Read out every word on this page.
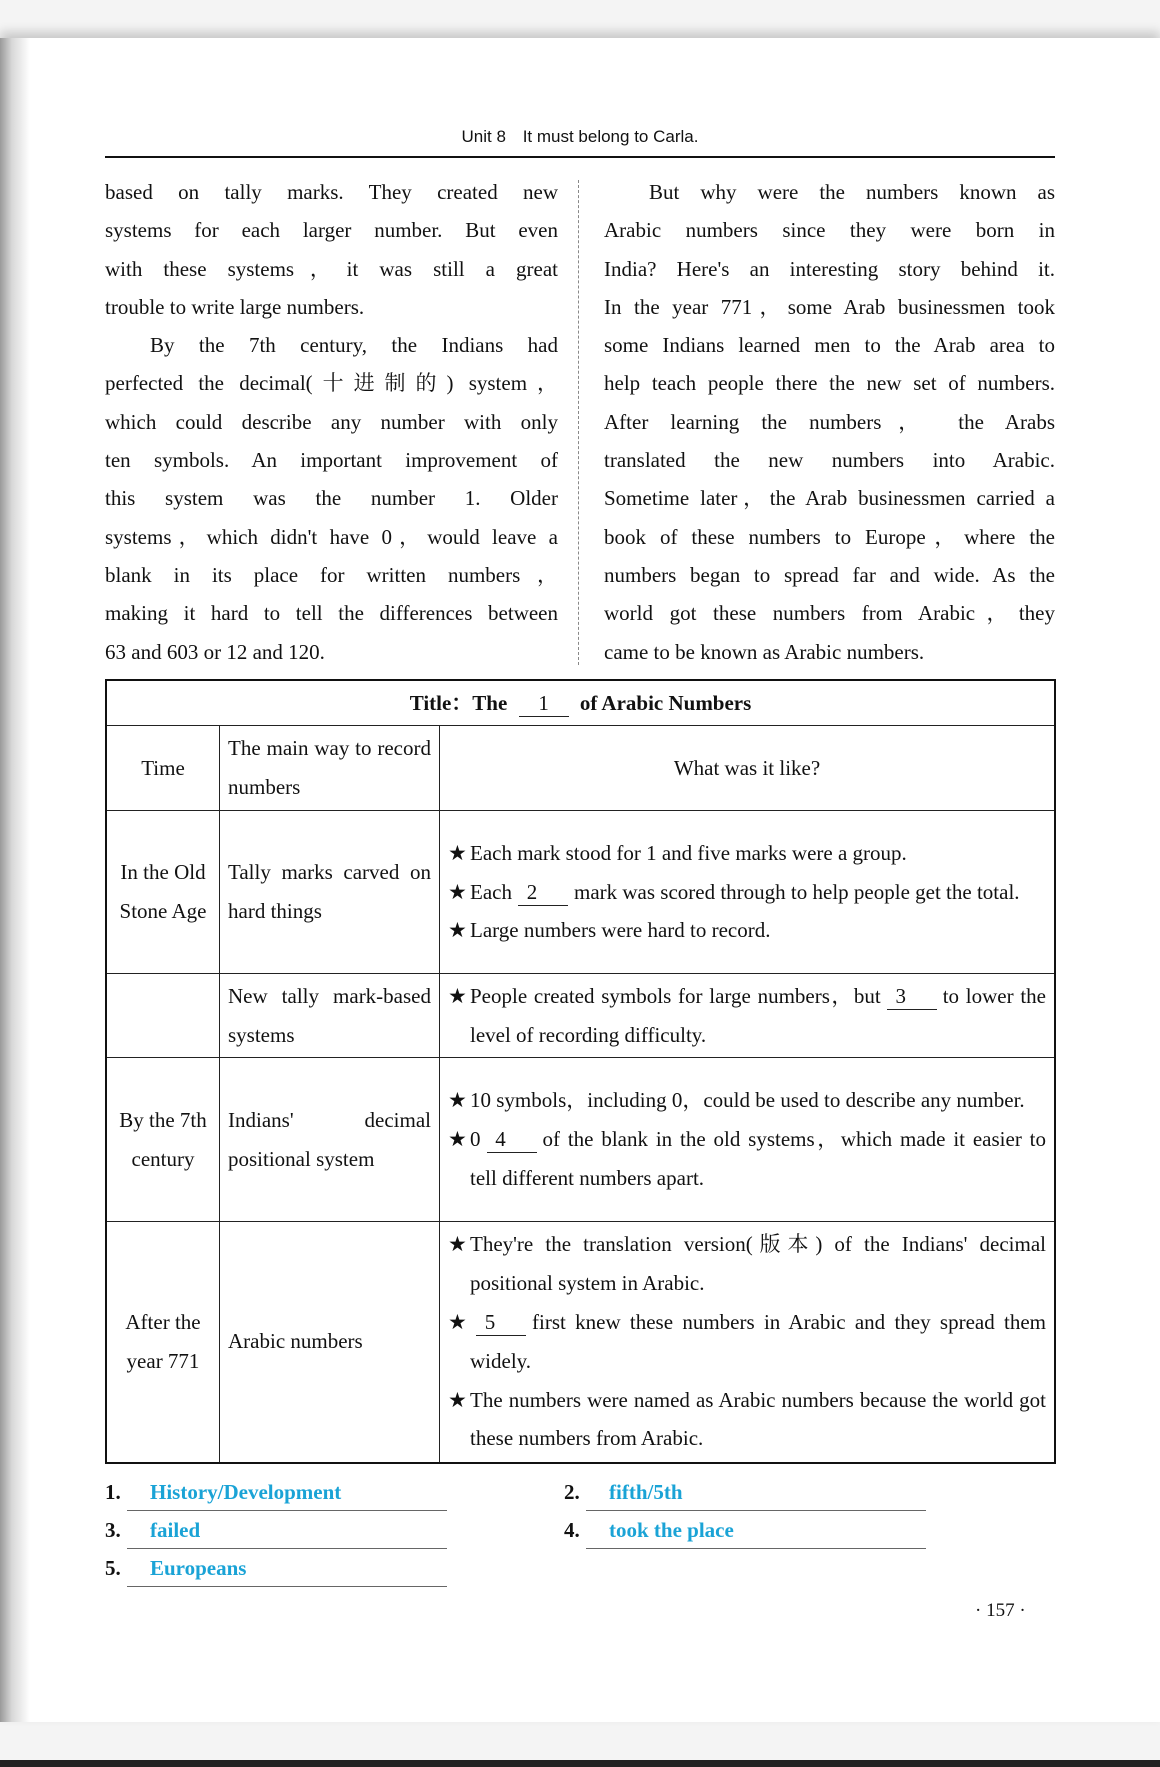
Unit 8 It must belong to Carla.
based on tally marks. They created new
systems for each larger number. But even
with these systems，it was still a great
trouble to write large numbers.
By the 7th century, the Indians had
perfected the decimal(十进制的) system，
which could describe any number with only
ten symbols. An important improvement of
this system was the number 1. Older
systems，which didn't have 0，would leave a
blank in its place for written numbers，
making it hard to tell the differences between
63 and 603 or 12 and 120.
But why were the numbers known as
Arabic numbers since they were born in
India? Here's an interesting story behind it.
In the year 771，some Arab businessmen took
some Indians learned men to the Arab area to
help teach people there the new set of numbers.
After learning the numbers， the Arabs
translated the new numbers into Arabic.
Sometime later，the Arab businessmen carried a
book of these numbers to Europe，where the
numbers began to spread far and wide. As the
world got these numbers from Arabic，they
came to be known as Arabic numbers.
Title：The 1 of Arabic Numbers		
Time	The main way to record numbers	What was it like?
In the Old Stone Age	Tally marks carved on hard things	★ Each mark stood for 1 and five marks were a group.
★ Each 2 mark was scored through to help people get the total.
★ Large numbers were hard to record.

	New tally mark-based systems	★ People created symbols for large numbers，but 3 to lower the level of recording difficulty.

By the 7th century	Indians' decimal positional system	★ 10 symbols，including 0，could be used to describe any number.
★ 0 4 of the blank in the old systems，which made it easier to tell different numbers apart.

After the year 771	Arabic numbers	★ They're the translation version(版本) of the Indians' decimal positional system in Arabic.
★ 5 first knew these numbers in Arabic and they spread them widely.
★ The numbers were named as Arabic numbers because the world got these numbers from Arabic.
1. History/Development	2. fifth/5th
3. failed	4. took the place
5. Europeans
· 157 ·
